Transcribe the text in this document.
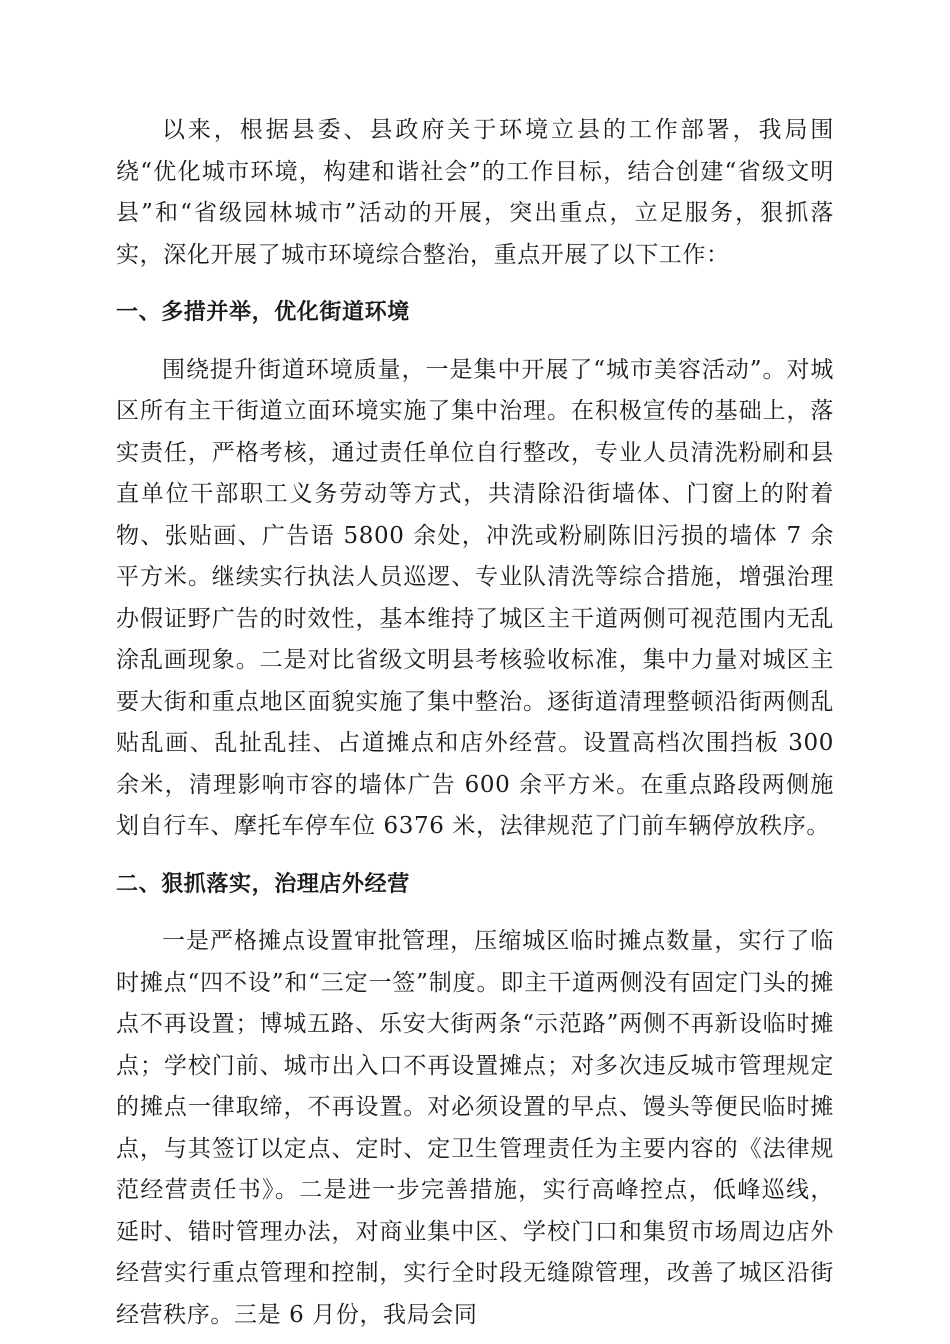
以来，根据县委、县政府关于环境立县的工作部署，我局围绕“优化城市环境，构建和谐社会”的工作目标，结合创建“省级文明县”和“省级园林城市”活动的开展，突出重点，立足服务，狠抓落实，深化开展了城市环境综合整治，重点开展了以下工作：

一、多措并举，优化街道环境

围绕提升街道环境质量，一是集中开展了“城市美容活动”。对城区所有主干街道立面环境实施了集中治理。在积极宣传的基础上，落实责任，严格考核，通过责任单位自行整改，专业人员清洗粉刷和县直单位干部职工义务劳动等方式，共清除沿街墙体、门窗上的附着物、张贴画、广告语 5800 余处，冲洗或粉刷陈旧污损的墙体 7 余平方米。继续实行执法人员巡逻、专业队清洗等综合措施，增强治理办假证野广告的时效性，基本维持了城区主干道两侧可视范围内无乱涂乱画现象。二是对比省级文明县考核验收标准，集中力量对城区主要大街和重点地区面貌实施了集中整治。逐街道清理整顿沿街两侧乱贴乱画、乱扯乱挂、占道摊点和店外经营。设置高档次围挡板 300 余米，清理影响市容的墙体广告 600 余平方米。在重点路段两侧施划自行车、摩托车停车位 6376 米，法律规范了门前车辆停放秩序。

二、狠抓落实，治理店外经营

一是严格摊点设置审批管理，压缩城区临时摊点数量，实行了临时摊点“四不设”和“三定一签”制度。即主干道两侧没有固定门头的摊点不再设置；博城五路、乐安大街两条“示范路”两侧不再新设临时摊点；学校门前、城市出入口不再设置摊点；对多次违反城市管理规定的摊点一律取缔，不再设置。对必须设置的早点、馒头等便民临时摊点，与其签订以定点、定时、定卫生管理责任为主要内容的《法律规范经营责任书》。二是进一步完善措施，实行高峰控点，低峰巡线，延时、错时管理办法，对商业集中区、学校门口和集贸市场周边店外经营实行重点管理和控制，实行全时段无缝隙管理，改善了城区沿街经营秩序。三是 6 月份，我局会同
